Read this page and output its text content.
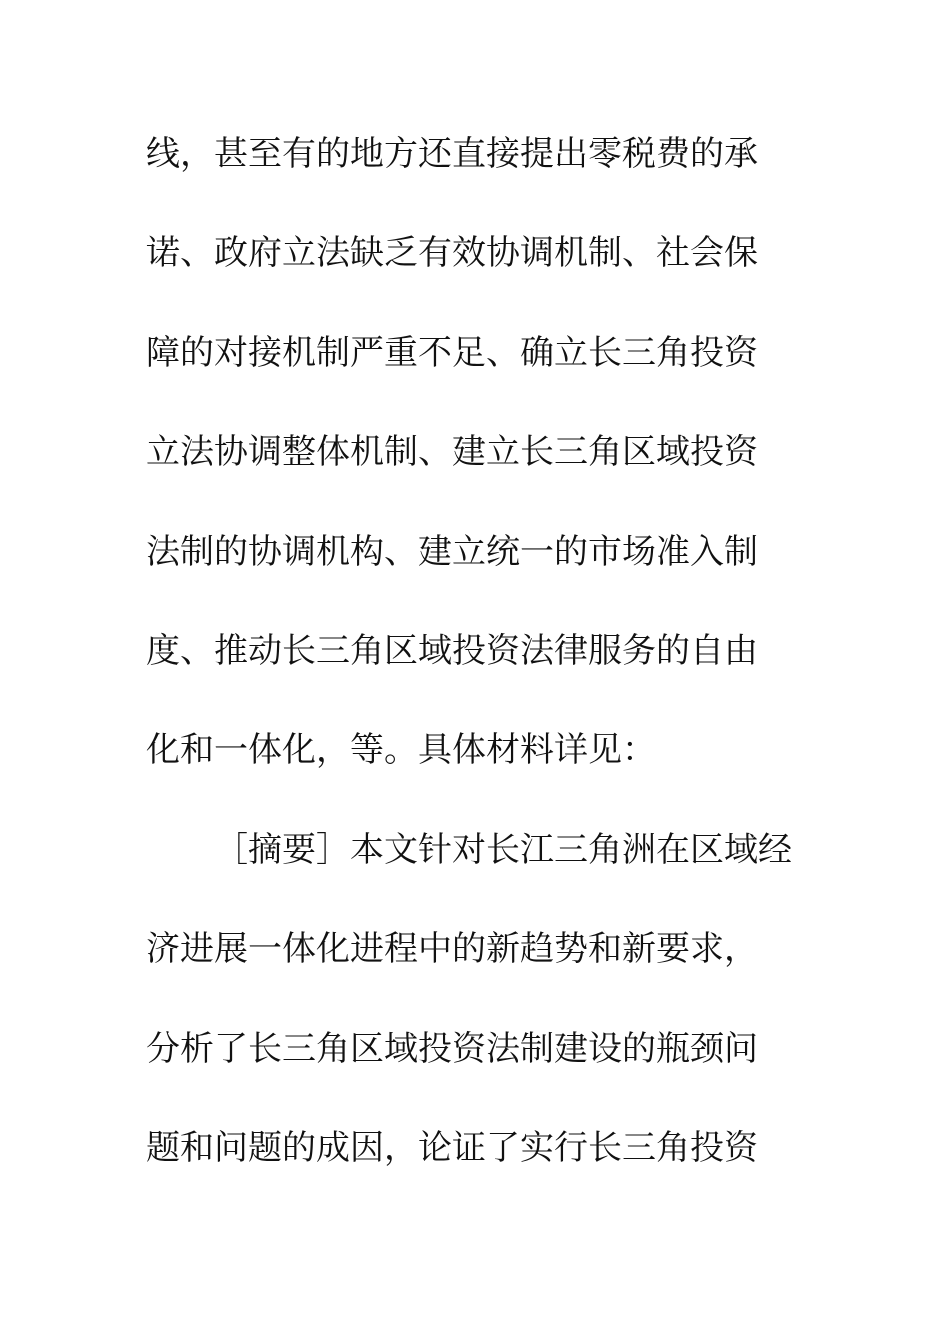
线，甚至有的地方还直接提出零税费的承
诺、政府立法缺乏有效协调机制、社会保
障的对接机制严重不足、确立长三角投资
立法协调整体机制、建立长三角区域投资
法制的协调机构、建立统一的市场准入制
度、推动长三角区域投资法律服务的自由
化和一体化，等。具体材料详见：
［摘要］本文针对长江三角洲在区域经
济进展一体化进程中的新趋势和新要求，
分析了长三角区域投资法制建设的瓶颈问
题和问题的成因，论证了实行长三角投资
